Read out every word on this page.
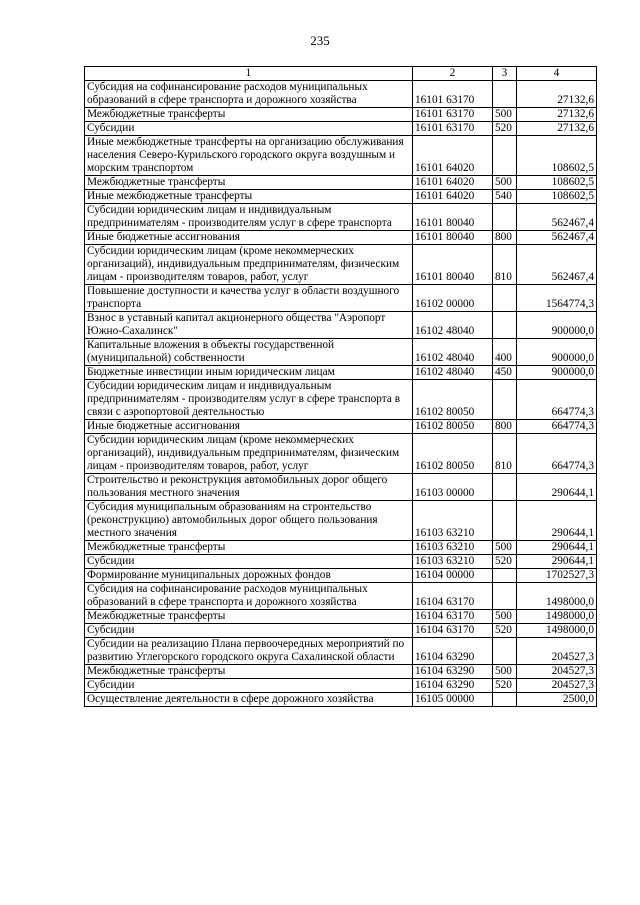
235
1	2	3	4
Субсидия на софинансирование расходов муниципальных образований в сфере транспорта и дорожного хозяйства	16101 63170		27132,6
Межбюджетные трансферты	16101 63170	500	27132,6
Субсидии	16101 63170	520	27132,6
Иные межбюджетные трансферты на организацию обслуживания населения Северо-Курильского городского округа воздушным и морским транспортом	16101 64020		108602,5
Межбюджетные трансферты	16101 64020	500	108602,5
Иные межбюджетные трансферты	16101 64020	540	108602,5
Субсидии юридическим лицам и индивидуальным предпринимателям - производителям услуг в сфере транспорта	16101 80040		562467,4
Иные бюджетные ассигнования	16101 80040	800	562467,4
Субсидии юридическим лицам (кроме некоммерческих организаций), индивидуальным предпринимателям, физическим лицам - производителям товаров, работ, услуг	16101 80040	810	562467,4
Повышение доступности и качества услуг в области воздушного транспорта	16102 00000		1564774,3
Взнос в уставный капитал акционерного общества "Аэропорт Южно-Сахалинск"	16102 48040		900000,0
Капитальные вложения в объекты государственной (муниципальной) собственности	16102 48040	400	900000,0
Бюджетные инвестиции иным юридическим лицам	16102 48040	450	900000,0
Субсидии юридическим лицам и индивидуальным предпринимателям - производителям услуг в сфере транспорта в связи с аэропортовой деятельностью	16102 80050		664774,3
Иные бюджетные ассигнования	16102 80050	800	664774,3
Субсидии юридическим лицам (кроме некоммерческих организаций), индивидуальным предпринимателям, физическим лицам - производителям товаров, работ, услуг	16102 80050	810	664774,3
Строительство и реконструкция автомобильных дорог общего пользования местного значения	16103 00000		290644,1
Субсидия муниципальным образованиям на строительство (реконструкцию) автомобильных дорог общего пользования местного значения	16103 63210		290644,1
Межбюджетные трансферты	16103 63210	500	290644,1
Субсидии	16103 63210	520	290644,1
Формирование муниципальных дорожных фондов	16104 00000		1702527,3
Субсидия на софинансирование расходов муниципальных образований в сфере транспорта и дорожного хозяйства	16104 63170		1498000,0
Межбюджетные трансферты	16104 63170	500	1498000,0
Субсидии	16104 63170	520	1498000,0
Субсидии на реализацию Плана первоочередных мероприятий по развитию Углегорского городского округа Сахалинской области	16104 63290		204527,3
Межбюджетные трансферты	16104 63290	500	204527,3
Субсидии	16104 63290	520	204527,3
Осуществление деятельности в сфере дорожного хозяйства	16105 00000		2500,0
